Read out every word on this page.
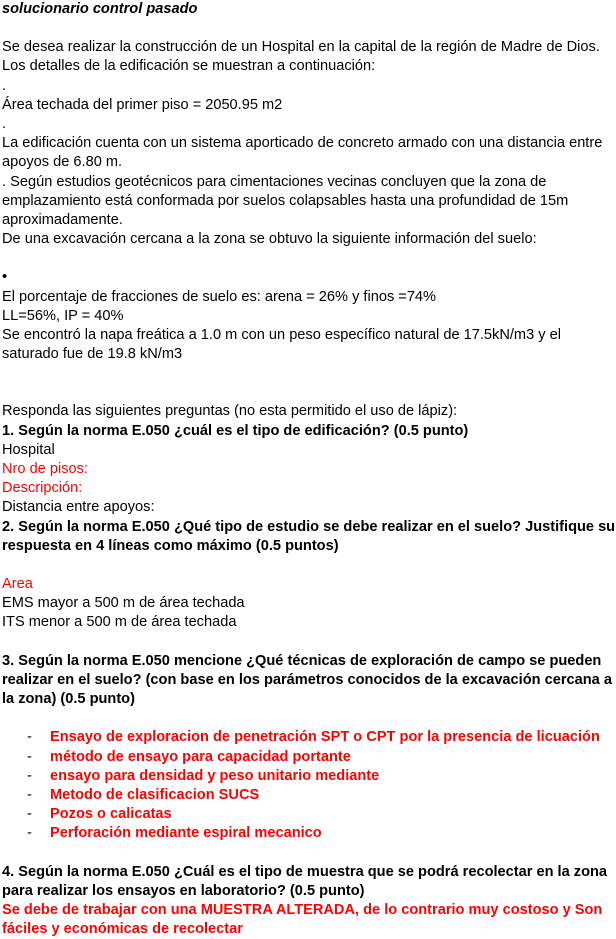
solucionario control pasado

Se desea realizar la construcción de un Hospital en la capital de la región de Madre de Dios. Los detalles de la edificación se muestran a continuación:

.

Área techada del primer piso = 2050.95 m2

.

La edificación cuenta con un sistema aporticado de concreto armado con una distancia entre apoyos de 6.80 m.

. Según estudios geotécnicos para cimentaciones vecinas concluyen que la zona de emplazamiento está conformada por suelos colapsables hasta una profundidad de 15m aproximadamente.

De una excavación cercana a la zona se obtuvo la siguiente información del suelo:

•

El porcentaje de fracciones de suelo es: arena = 26% y finos =74%

LL=56%, IP = 40%

Se encontró la napa freática a 1.0 m con un peso específico natural de 17.5kN/m3 y el saturado fue de 19.8 kN/m3

Responda las siguientes preguntas (no esta permitido el uso de lápiz):

1. Según la norma E.050 ¿cuál es el tipo de edificación? (0.5 punto)

Hospital

Nro de pisos:

Descripción:

Distancia entre apoyos:

2. Según la norma E.050 ¿Qué tipo de estudio se debe realizar en el suelo? Justifique su respuesta en 4 líneas como máximo (0.5 puntos)

Area

EMS mayor a 500 m de área techada

ITS menor a 500 m de área techada

3. Según la norma E.050 mencione ¿Qué técnicas de exploración de campo se pueden realizar en el suelo? (con base en los parámetros conocidos de la excavación cercana a la zona) (0.5 punto)

- Ensayo de exploracion de penetración SPT o CPT por la presencia de licuación
- método de ensayo para capacidad portante
- ensayo para densidad y peso unitario mediante
- Metodo de clasificacion SUCS
- Pozos o calicatas
- Perforación mediante espiral mecanico

4. Según la norma E.050 ¿Cuál es el tipo de muestra que se podrá recolectar en la zona para realizar los ensayos en laboratorio? (0.5 punto)

Se debe de trabajar con una MUESTRA ALTERADA, de lo contrario muy costoso y Son fáciles y económicas de recolectar
